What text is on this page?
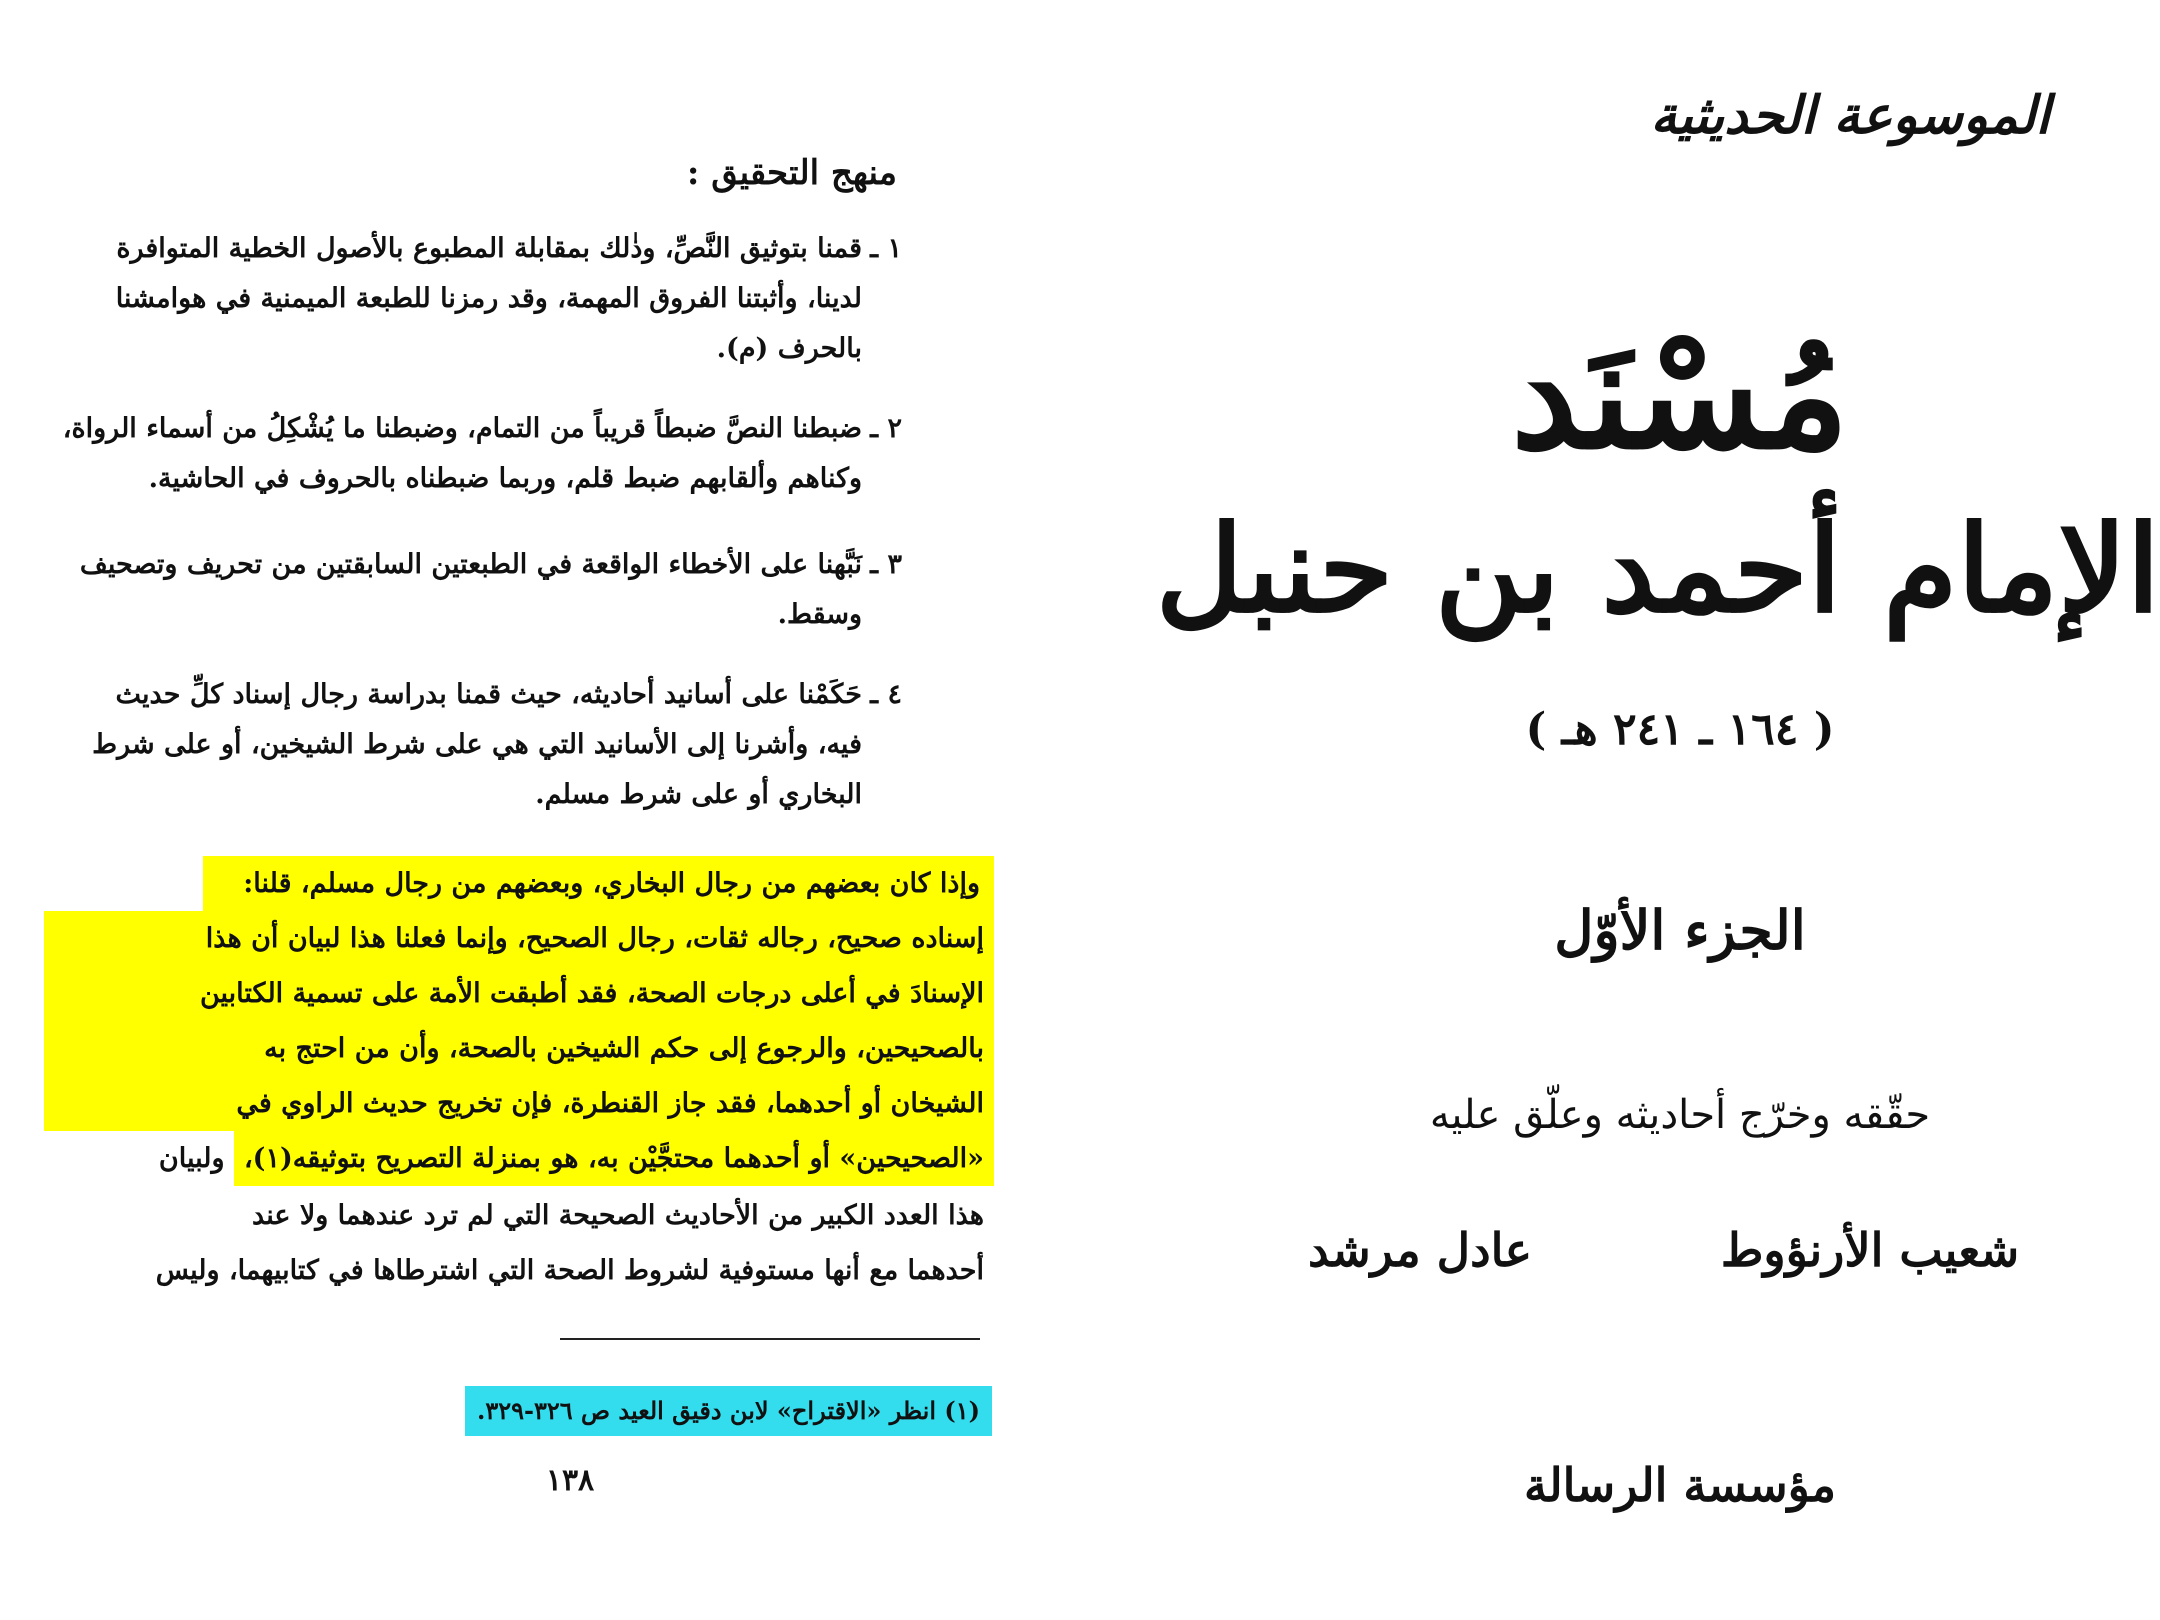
منهج التحقيق :
١ ـ
قمنا بتوثيق النَّصِّ، وذٰلك بمقابلة المطبوع بالأصول الخطية المتوافرة
لدينا، وأثبتنا الفروق المهمة، وقد رمزنا للطبعة الميمنية في هوامشنا
بالحرف (م).
٢ ـ
ضبطنا النصَّ ضبطاً قريباً من التمام، وضبطنا ما يُشْكِلُ من أسماء الرواة،
وكناهم وألقابهم ضبط قلم، وربما ضبطناه بالحروف في الحاشية.
٣ ـ
نَبَّهنا على الأخطاء الواقعة في الطبعتين السابقتين من تحريف وتصحيف
وسقط.
٤ ـ
حَكَمْنا على أسانيد أحاديثه، حيث قمنا بدراسة رجال إسناد كلِّ حديث
فيه، وأشرنا إلى الأسانيد التي هي على شرط الشيخين، أو على شرط
البخاري أو على شرط مسلم.
وإذا كان بعضهم من رجال البخاري، وبعضهم من رجال مسلم، قلنا:
إسناده صحيح، رجاله ثقات، رجال الصحيح، وإنما فعلنا هذا لبيان أن هذا
الإسنادَ في أعلى درجات الصحة، فقد أطبقت الأمة على تسمية الكتابين
بالصحيحين، والرجوع إلى حكم الشيخين بالصحة، وأن من احتج به
الشيخان أو أحدهما، فقد جاز القنطرة، فإن تخريج حديث الراوي في
«الصحيحين» أو أحدهما محتجَّيْن به، هو بمنزلة التصريح بتوثيقه(١)، ولبيان
هذا العدد الكبير من الأحاديث الصحيحة التي لم ترد عندهما ولا عند
أحدهما مع أنها مستوفية لشروط الصحة التي اشترطاها في كتابيهما، وليس
(١) انظر «الاقتراح» لابن دقيق العيد ص ٣٢٦-٣٢٩.
١٣٨
الموسوعة الحديثية
مُسْنَد
الإمام أحمد بن حنبل
( ١٦٤ ـ ٢٤١ هـ )
الجزء الأوّل
حقّقه وخرّج أحاديثه وعلّق عليه
شعيب الأرنؤوط
عادل مرشد
مؤسسة الرسالة
